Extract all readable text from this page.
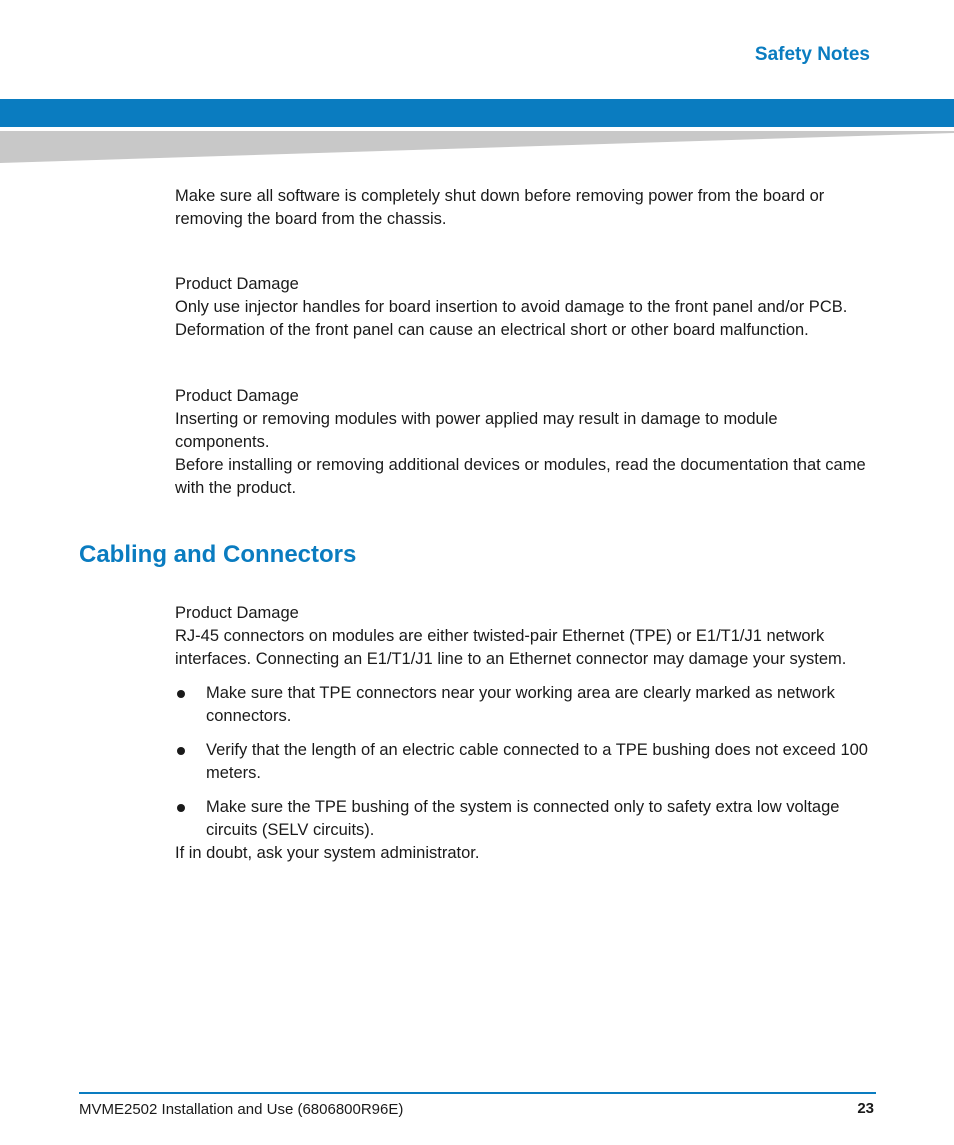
Safety Notes

Make sure all software is completely shut down before removing power from the board or removing the board from the chassis.

Product Damage

Only use injector handles for board insertion to avoid damage to the front panel and/or PCB. Deformation of the front panel can cause an electrical short or other board malfunction.

Product Damage

Inserting or removing modules with power applied may result in damage to module components.

Before installing or removing additional devices or modules, read the documentation that came with the product.

Cabling and Connectors

Product Damage

RJ-45 connectors on modules are either twisted-pair Ethernet (TPE) or E1/T1/J1 network interfaces. Connecting an E1/T1/J1 line to an Ethernet connector may damage your system.

Make sure that TPE connectors near your working area are clearly marked as network connectors.
Verify that the length of an electric cable connected to a TPE bushing does not exceed 100 meters.
Make sure the TPE bushing of the system is connected only to safety extra low voltage circuits (SELV circuits).

If in doubt, ask your system administrator.

MVME2502 Installation and Use (6806800R96E)	23
